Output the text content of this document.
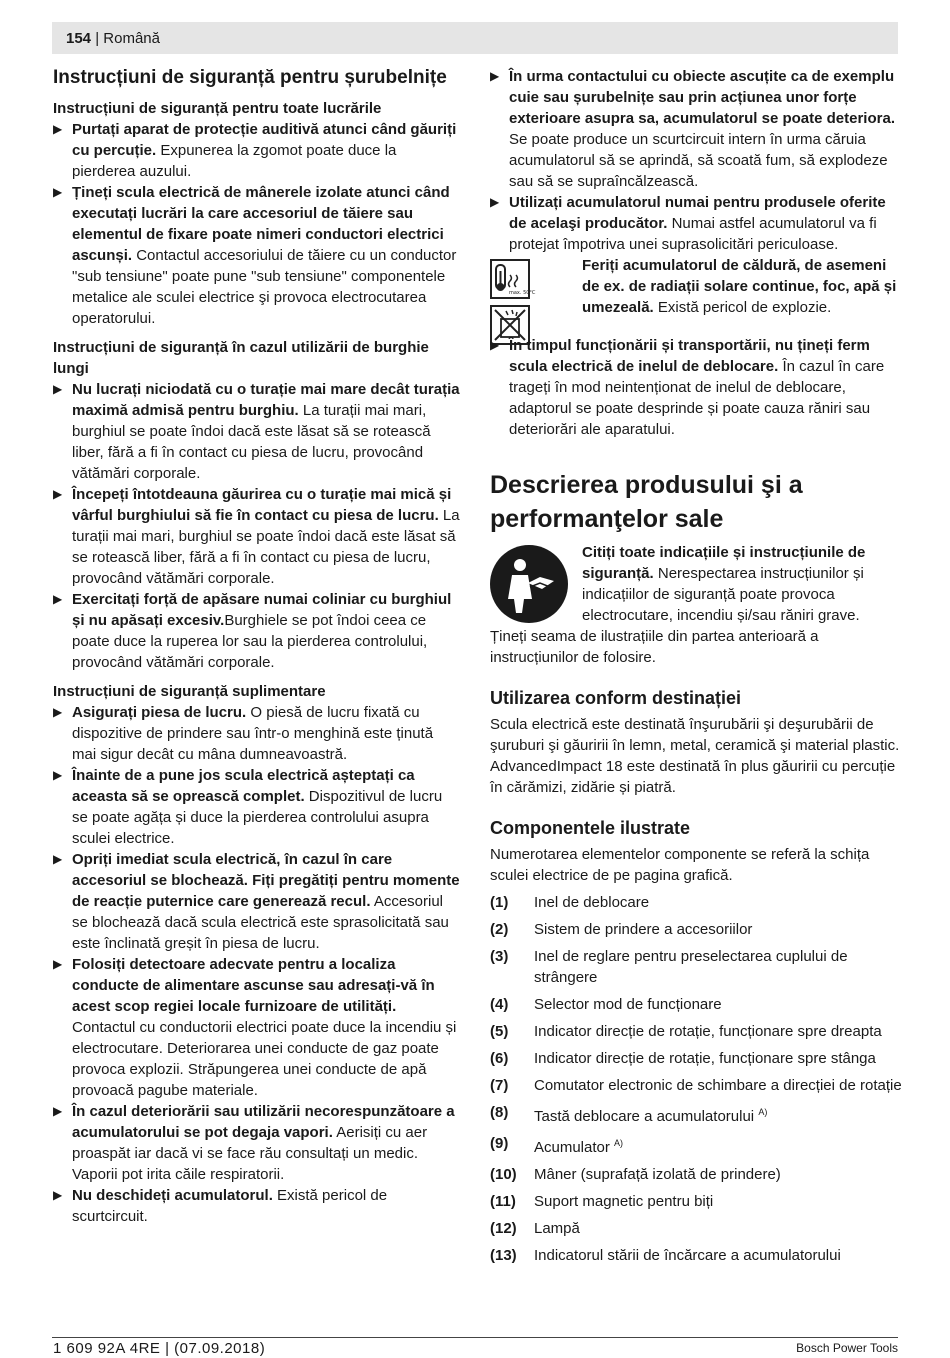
154 | Română
Instrucțiuni de siguranță pentru șurubelnițe
Instrucțiuni de siguranță pentru toate lucrările

▶ Purtați aparat de protecție auditivă atunci când găuriți cu percuție. Expunerea la zgomot poate duce la pierderea auzului.

▶ Țineți scula electrică de mânerele izolate atunci când executați lucrări la care accesoriul de tăiere sau elementul de fixare poate nimeri conductori electrici ascunși. Contactul accesoriului de tăiere cu un conductor "sub tensiune" poate pune "sub tensiune" componentele metalice ale sculei electrice şi provoca electrocutarea operatorului.

Instrucțiuni de siguranță în cazul utilizării de burghie lungi

▶ Nu lucrați niciodată cu o turație mai mare decât turația maximă admisă pentru burghiu. La turații mai mari, burghiul se poate îndoi dacă este lăsat să se rotească liber, fără a fi în contact cu piesa de lucru, provocând vătămări corporale.

▶ Începeți întotdeauna găurirea cu o turație mai mică și vârful burghiului să fie în contact cu piesa de lucru. La turații mai mari, burghiul se poate îndoi dacă este lăsat să se rotească liber, fără a fi în contact cu piesa de lucru, provocând vătămări corporale.

▶ Exercitați forță de apăsare numai coliniar cu burghiul și nu apăsați excesiv.Burghiele se pot îndoi ceea ce poate duce la ruperea lor sau la pierderea controlului, provocând vătămări corporale.

Instrucțiuni de siguranță suplimentare

▶ Asigurați piesa de lucru. O piesă de lucru fixată cu dispozitive de prindere sau într-o menghină este ținută mai sigur decât cu mâna dumneavoastră.

▶ Înainte de a pune jos scula electrică așteptați ca aceasta să se oprească complet. Dispozitivul de lucru se poate agăța și duce la pierderea controlului asupra sculei electrice.

▶ Opriți imediat scula electrică, în cazul în care accesoriul se blochează. Fiți pregătiți pentru momente de reacție puternice care generează recul. Accesoriul se blochează dacă scula electrică este sprasolicitată sau este înclinată greșit în piesa de lucru.

▶ Folosiți detectoare adecvate pentru a localiza conducte de alimentare ascunse sau adresați-vă în acest scop regiei locale furnizoare de utilități. Contactul cu conductorii electrici poate duce la incendiu și electrocutare. Deteriorarea unei conducte de gaz poate provoca explozii. Străpungerea unei conducte de apă provoacă pagube materiale.

▶ În cazul deteriorării sau utilizării necorespunzătoare a acumulatorului se pot degaja vapori. Aerisiți cu aer proaspăt iar dacă vi se face rău consultați un medic. Vaporii pot irita căile respiratorii.

▶ Nu deschideți acumulatorul. Există pericol de scurtcircuit.

▶ În urma contactului cu obiecte ascuțite ca de exemplu cuie sau șurubelnițe sau prin acțiunea unor forțe exterioare asupra sa, acumulatorul se poate deteriora. Se poate produce un scurtcircuit intern în urma căruia acumulatorul să se aprindă, să scoată fum, să explodeze sau să se supraîncălzească.

▶ Utilizați acumulatorul numai pentru produsele oferite de acelaşi producător. Numai astfel acumulatorul va fi protejat împotriva unei suprasolicitări periculoase.

max. 50°C

Feriți acumulatorul de căldură, de asemeni de ex. de radiații solare continue, foc, apă și umezeală. Există pericol de explozie.

▶ În timpul funcționării și transportării, nu țineți ferm scula electrică de inelul de deblocare. În cazul în care trageți în mod neintenționat de inelul de deblocare, adaptorul se poate desprinde și poate cauza răniri sau deteriorări ale aparatului.

Descrierea produsului şi a performanţelor sale

Citiți toate indicațiile și instrucțiunile de siguranță. Nerespectarea instrucțiunilor și indicațiilor de siguranță poate provoca electrocutare, incendiu și/sau răniri grave.

Țineți seama de ilustrațiile din partea anterioară a instrucțiunilor de folosire.

Utilizarea conform destinației

Scula electrică este destinată înşurubării şi deşurubării de şuruburi şi găuririi în lemn, metal, ceramică şi material plastic. AdvancedImpact 18 este destinată în plus găuririi cu percuție în cărămizi, zidărie și piatră.

Componentele ilustrate

Numerotarea elementelor componente se referă la schița sculei electrice de pe pagina grafică.

(1)	Inel de deblocare
(2)	Sistem de prindere a accesoriilor
(3)	Inel de reglare pentru preselectarea cuplului de strângere
(4)	Selector mod de funcționare
(5)	Indicator direcție de rotație, funcționare spre dreapta
(6)	Indicator direcție de rotație, funcționare spre stânga
(7)	Comutator electronic de schimbare a direcției de rotație
(8)	Tastă deblocare a acumulatorului $^{A)}$
(9)	Acumulator $^{A)}$
(10)	Mâner (suprafață izolată de prindere)
(11)	Suport magnetic pentru biți
(12)	Lampă
(13)	Indicatorul stării de încărcare a acumulatorului
1 609 92A 4RE | (07.09.2018)	Bosch Power Tools
